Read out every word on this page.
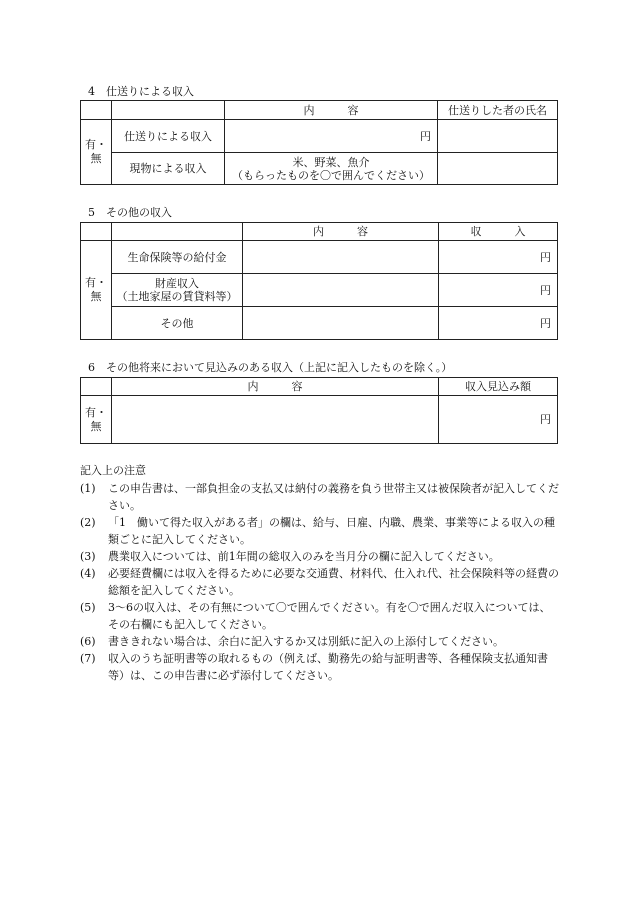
4　仕送りによる収入
		内　　　容	仕送りした者の氏名
有・
無	仕送りによる収入	円	
	現物による収入	米、野菜、魚介
（もらったものを〇で囲んでください）	

5　その他の収入
		内　　　容	収　　　入
有・
無	生命保険等の給付金		円

	財産収入
（土地家屋の賃貸料等）		円
	その他		円
6　その他将来において見込みのある収入（上記に記入したものを除く。）
	内　　　容	収入見込み額
有・
無		円
記入上の注意
(1)	この申告書は、一部負担金の支払又は納付の義務を負う世帯主又は被保険者が記入してください。
(2)	「1　働いて得た収入がある者」の欄は、給与、日雇、内職、農業、事業等による収入の種類ごとに記入してください。
(3)	農業収入については、前1年間の総収入のみを当月分の欄に記入してください。
(4)	必要経費欄には収入を得るために必要な交通費、材料代、仕入れ代、社会保険料等の経費の総額を記入してください。
(5)	3〜6の収入は、その有無について〇で囲んでください。有を〇で囲んだ収入については、その右欄にも記入してください。
(6)	書ききれない場合は、余白に記入するか又は別紙に記入の上添付してください。
(7)	収入のうち証明書等の取れるもの（例えば、勤務先の給与証明書等、各種保険支払通知書等）は、この申告書に必ず添付してください。
